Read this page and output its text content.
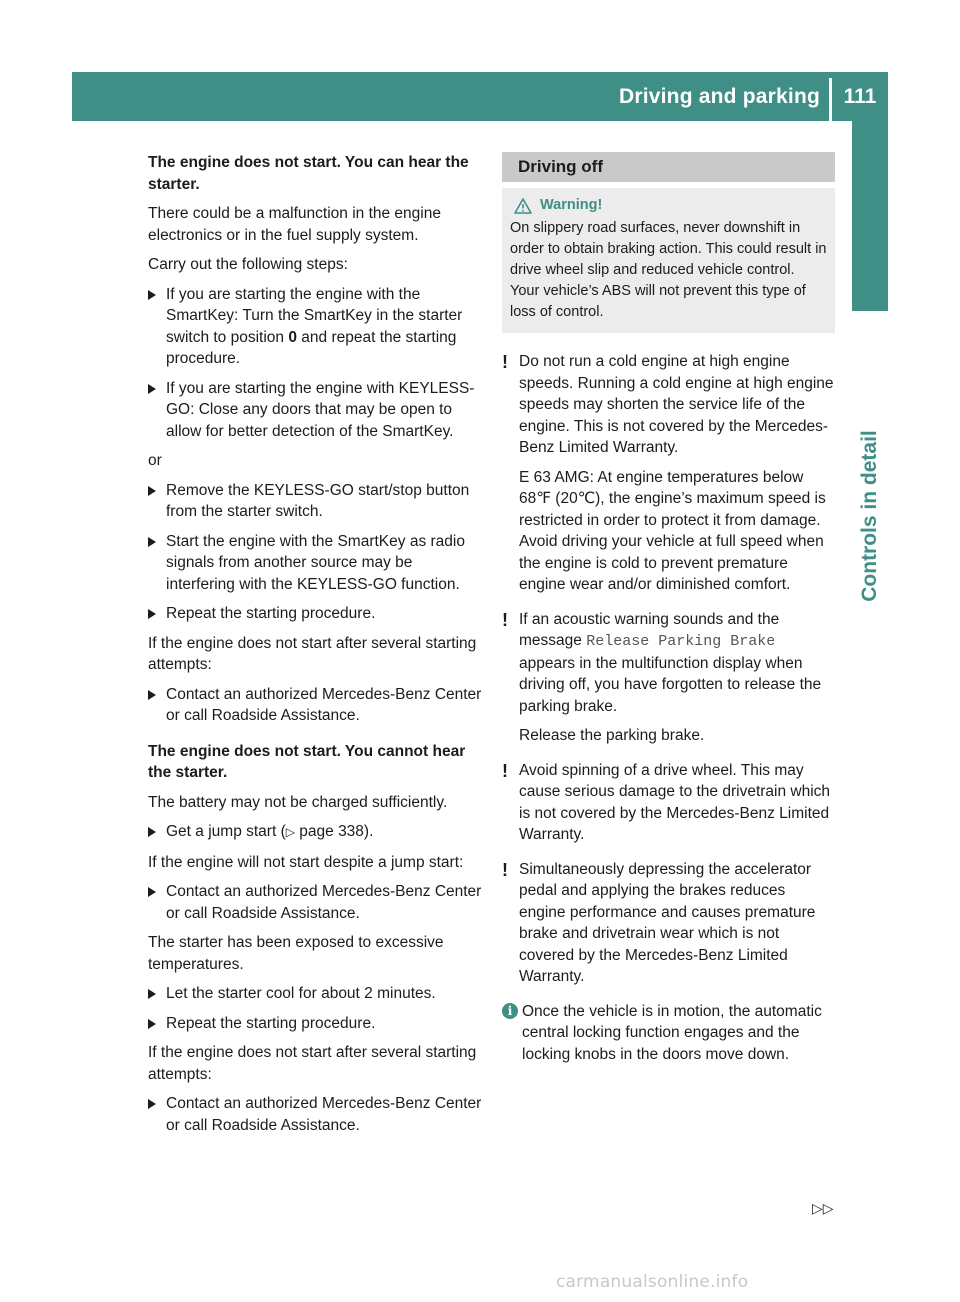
Driving and parking	111
Controls in detail

The engine does not start. You can hear the starter.

There could be a malfunction in the engine electronics or in the fuel supply system.

Carry out the following steps:

If you are starting the engine with the SmartKey: Turn the SmartKey in the starter switch to position 0 and repeat the starting procedure.
If you are starting the engine with KEYLESS-GO: Close any doors that may be open to allow for better detection of the SmartKey.

or

Remove the KEYLESS-GO start/stop button from the starter switch.
Start the engine with the SmartKey as radio signals from another source may be interfering with the KEYLESS-GO function.
Repeat the starting procedure.

If the engine does not start after several starting attempts:

Contact an authorized Mercedes-Benz Center or call Roadside Assistance.

The engine does not start. You cannot hear the starter.

The battery may not be charged sufficiently.

Get a jump start (▷ page 338).

If the engine will not start despite a jump start:

Contact an authorized Mercedes-Benz Center or call Roadside Assistance.

The starter has been exposed to excessive temperatures.

Let the starter cool for about 2 minutes.
Repeat the starting procedure.

If the engine does not start after several starting attempts:

Contact an authorized Mercedes-Benz Center or call Roadside Assistance.
Driving off
Warning!
On slippery road surfaces, never downshift in order to obtain braking action. This could result in drive wheel slip and reduced vehicle control. Your vehicle’s ABS will not prevent this type of loss of control.
! Do not run a cold engine at high engine speeds. Running a cold engine at high engine speeds may shorten the service life of the engine. This is not covered by the Mercedes-Benz Limited Warranty.

E 63 AMG: At engine temperatures below 68℉ (20℃), the engine’s maximum speed is restricted in order to protect it from damage. Avoid driving your vehicle at full speed when the engine is cold to prevent premature engine wear and/or diminished comfort.

! If an acoustic warning sounds and the message Release Parking Brake appears in the multifunction display when driving off, you have forgotten to release the parking brake.

Release the parking brake.

! Avoid spinning of a drive wheel. This may cause serious damage to the drivetrain which is not covered by the Mercedes-Benz Limited Warranty.

! Simultaneously depressing the accelerator pedal and applying the brakes reduces engine performance and causes premature brake and drivetrain wear which is not covered by the Mercedes-Benz Limited Warranty.

i Once the vehicle is in motion, the automatic central locking function engages and the locking knobs in the doors move down.

▷▷
carmanualsonline.info
